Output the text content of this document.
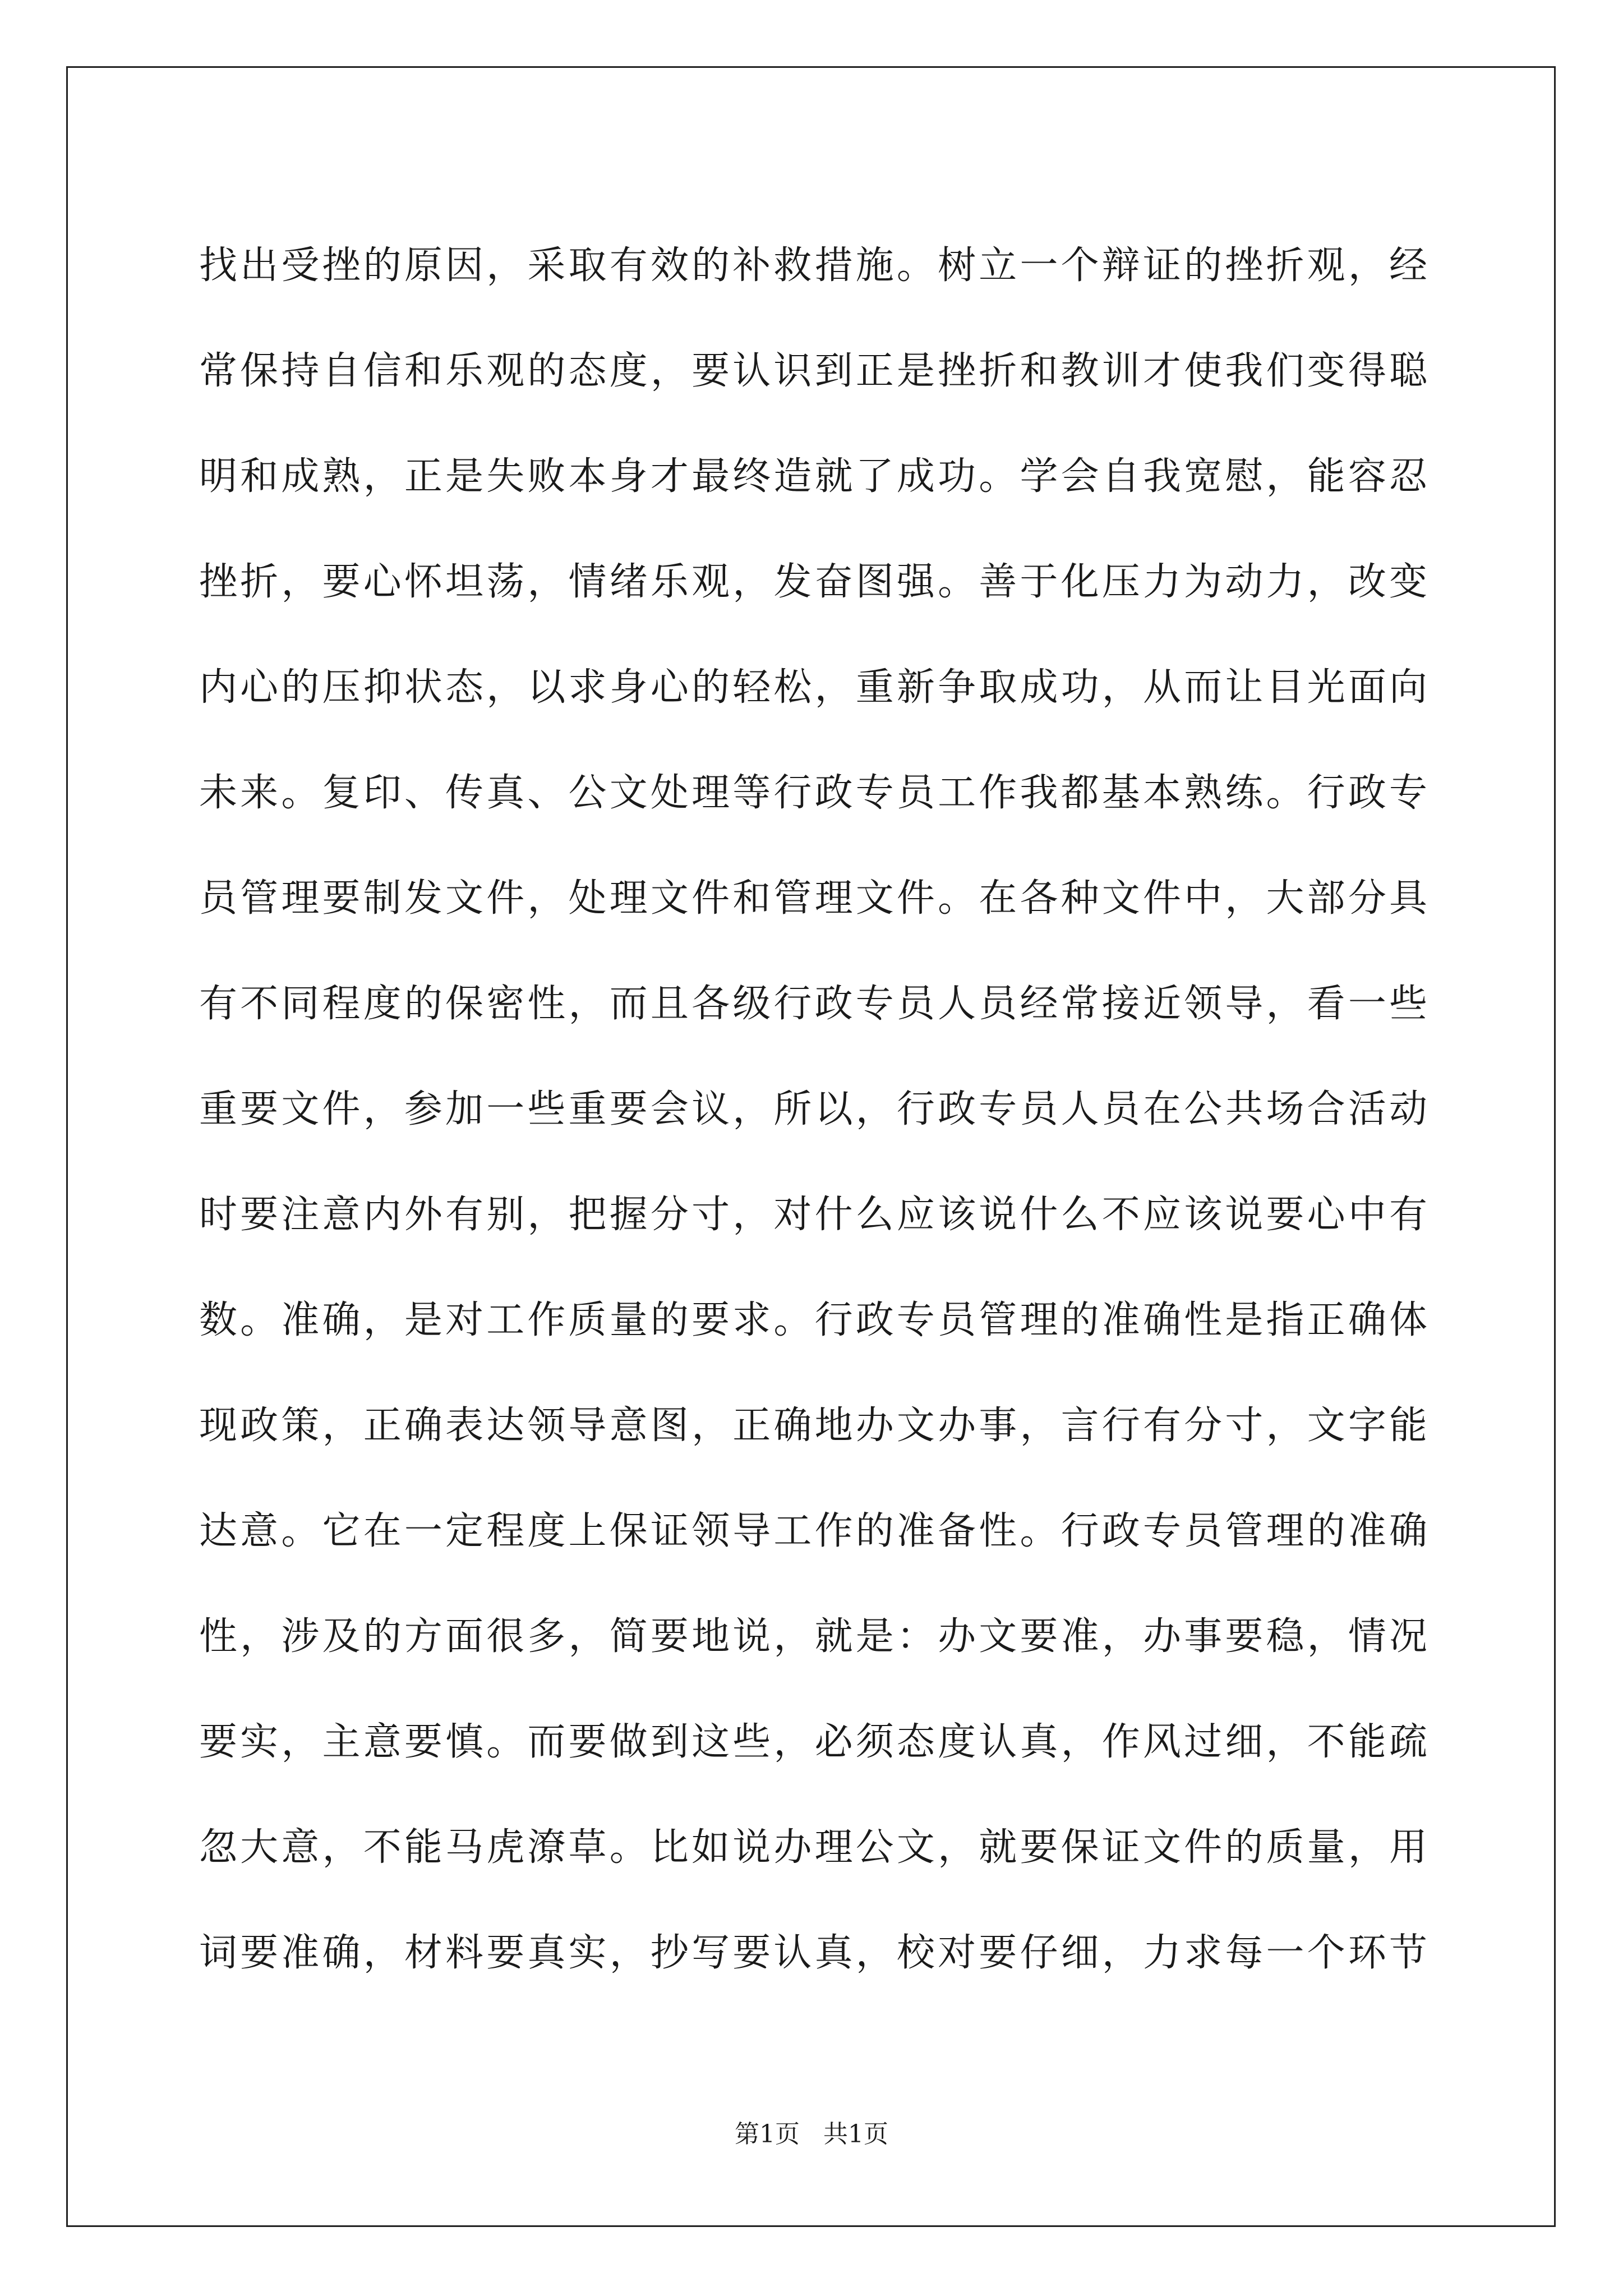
找出受挫的原因，采取有效的补救措施。树立一个辩证的挫折观，经
常保持自信和乐观的态度，要认识到正是挫折和教训才使我们变得聪
明和成熟，正是失败本身才最终造就了成功。学会自我宽慰，能容忍
挫折，要心怀坦荡，情绪乐观，发奋图强。善于化压力为动力，改变
内心的压抑状态，以求身心的轻松，重新争取成功，从而让目光面向
未来。复印、传真、公文处理等行政专员工作我都基本熟练。行政专
员管理要制发文件，处理文件和管理文件。在各种文件中，大部分具
有不同程度的保密性，而且各级行政专员人员经常接近领导，看一些
重要文件，参加一些重要会议，所以，行政专员人员在公共场合活动
时要注意内外有别，把握分寸，对什么应该说什么不应该说要心中有
数。准确，是对工作质量的要求。行政专员管理的准确性是指正确体
现政策，正确表达领导意图，正确地办文办事，言行有分寸，文字能
达意。它在一定程度上保证领导工作的准备性。行政专员管理的准确
性，涉及的方面很多，简要地说，就是：办文要准，办事要稳，情况
要实，主意要慎。而要做到这些，必须态度认真，作风过细，不能疏
忽大意，不能马虎潦草。比如说办理公文，就要保证文件的质量，用
词要准确，材料要真实，抄写要认真，校对要仔细，力求每一个环节
第1页   共1页
